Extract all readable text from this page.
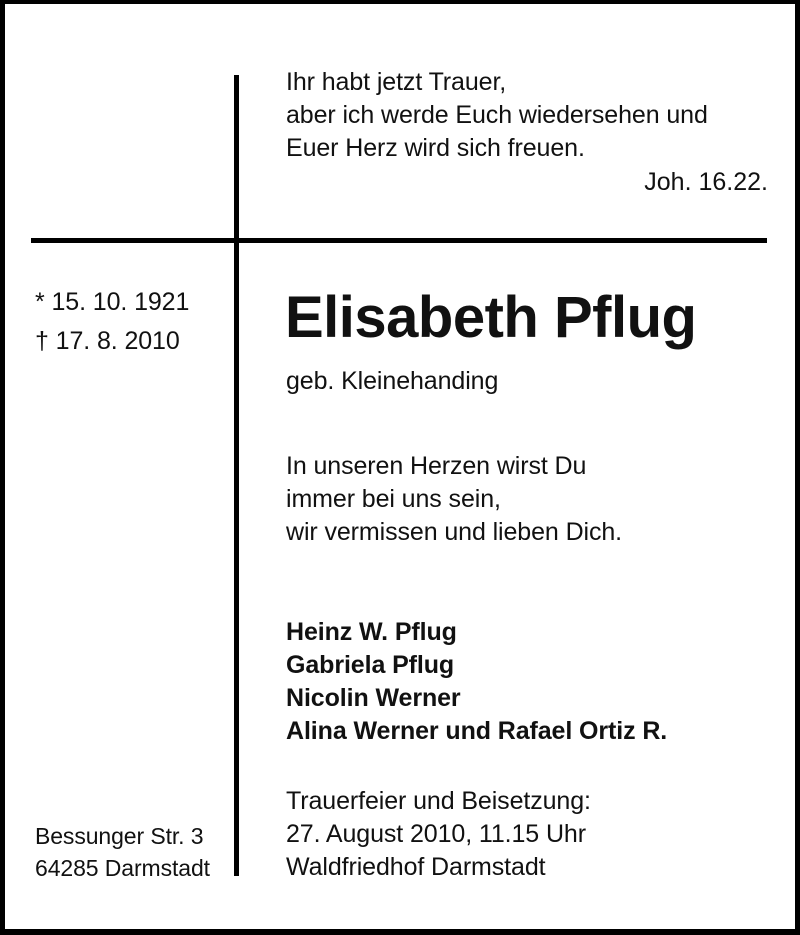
Ihr habt jetzt Trauer,
aber ich werde Euch wiedersehen und
Euer Herz wird sich freuen.
Joh. 16.22.
* 15. 10. 1921
† 17. 8. 2010 Elisabeth Pflug
geb. Kleinehanding
In unseren Herzen wirst Du
immer bei uns sein,
wir vermissen und lieben Dich.
Heinz W. Pflug
Gabriela Pflug
Nicolin Werner
Alina Werner und Rafael Ortiz R.
Trauerfeier und Beisetzung:
27. August 2010, 11.15 Uhr
Waldfriedhof Darmstadt
Bessunger Str. 3
64285 Darmstadt
